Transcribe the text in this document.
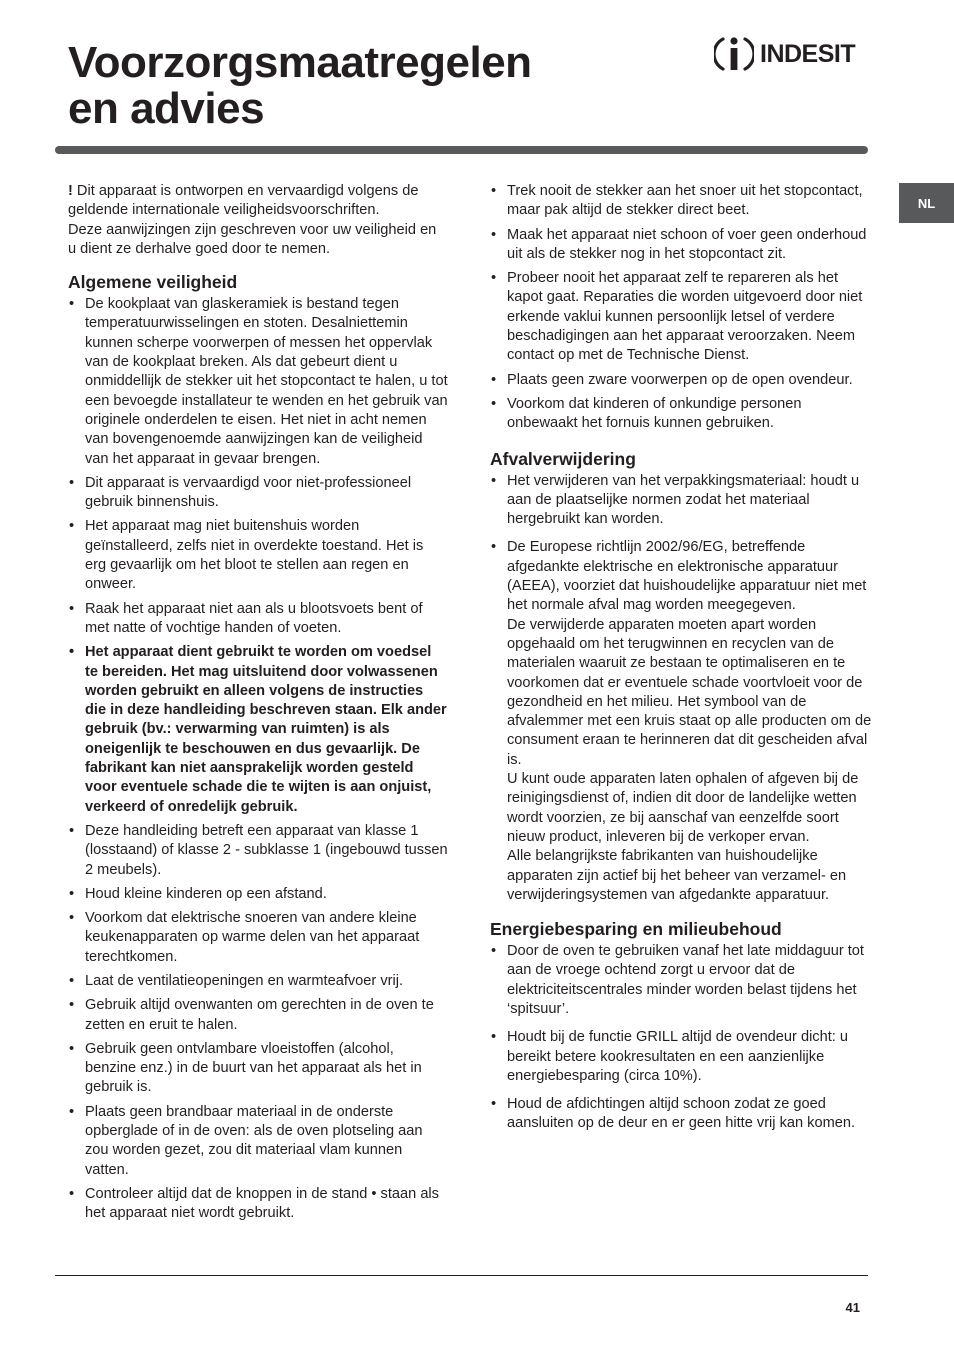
Voorzorgsmaatregelen
en advies
INDESIT
NL

! Dit apparaat is ontworpen en vervaardigd volgens de geldende internationale veiligheidsvoorschriften.
Deze aanwijzingen zijn geschreven voor uw veiligheid en u dient ze derhalve goed door te nemen.

Algemene veiligheid
• De kookplaat van glaskeramiek is bestand tegen temperatuurwisselingen en stoten. Desalniettemin kunnen scherpe voorwerpen of messen het oppervlak van de kookplaat breken. Als dat gebeurt dient u onmiddellijk de stekker uit het stopcontact te halen, u tot een bevoegde installateur te wenden en het gebruik van originele onderdelen te eisen. Het niet in acht nemen van bovengenoemde aanwijzingen kan de veiligheid van het apparaat in gevaar brengen.
• Dit apparaat is vervaardigd voor niet-professioneel gebruik binnenshuis.
• Het apparaat mag niet buitenshuis worden geïnstalleerd, zelfs niet in overdekte toestand. Het is erg gevaarlijk om het bloot te stellen aan regen en onweer.
• Raak het apparaat niet aan als u blootsvoets bent of met natte of vochtige handen of voeten.
• Het apparaat dient gebruikt te worden om voedsel te bereiden. Het mag uitsluitend door volwassenen worden gebruikt en alleen volgens de instructies die in deze handleiding beschreven staan. Elk ander gebruik (bv.: verwarming van ruimten) is als oneigenlijk te beschouwen en dus gevaarlijk. De fabrikant kan niet aansprakelijk worden gesteld voor eventuele schade die te wijten is aan onjuist, verkeerd of onredelijk gebruik.
• Deze handleiding betreft een apparaat van klasse 1 (losstaand) of klasse 2 - subklasse 1 (ingebouwd tussen 2 meubels).
• Houd kleine kinderen op een afstand.
• Voorkom dat elektrische snoeren van andere kleine keukenapparaten op warme delen van het apparaat terechtkomen.
• Laat de ventilatieopeningen en warmteafvoer vrij.
• Gebruik altijd ovenwanten om gerechten in de oven te zetten en eruit te halen.
• Gebruik geen ontvlambare vloeistoffen (alcohol, benzine enz.) in de buurt van het apparaat als het in gebruik is.
• Plaats geen brandbaar materiaal in de onderste opberglade of in de oven: als de oven plotseling aan zou worden gezet, zou dit materiaal vlam kunnen vatten.
• Controleer altijd dat de knoppen in de stand • staan als het apparaat niet wordt gebruikt.
• Trek nooit de stekker aan het snoer uit het stopcontact, maar pak altijd de stekker direct beet.
• Maak het apparaat niet schoon of voer geen onderhoud uit als de stekker nog in het stopcontact zit.
• Probeer nooit het apparaat zelf te repareren als het kapot gaat. Reparaties die worden uitgevoerd door niet erkende vaklui kunnen persoonlijk letsel of verdere beschadigingen aan het apparaat veroorzaken. Neem contact op met de Technische Dienst.
• Plaats geen zware voorwerpen op de open ovendeur.
• Voorkom dat kinderen of onkundige personen onbewaakt het fornuis kunnen gebruiken.
Afvalverwijdering
• Het verwijderen van het verpakkingsmateriaal: houdt u aan de plaatselijke normen zodat het materiaal hergebruikt kan worden.
• De Europese richtlijn 2002/96/EG, betreffende afgedankte elektrische en elektronische apparatuur (AEEA), voorziet dat huishoudelijke apparatuur niet met het normale afval mag worden meegegeven.
De verwijderde apparaten moeten apart worden opgehaald om het terugwinnen en recyclen van de materialen waaruit ze bestaan te optimaliseren en te voorkomen dat er eventuele schade voortvloeit voor de gezondheid en het milieu. Het symbool van de afvalemmer met een kruis staat op alle producten om de consument eraan te herinneren dat dit gescheiden afval is.
U kunt oude apparaten laten ophalen of afgeven bij de reinigingsdienst of, indien dit door de landelijke wetten wordt voorzien, ze bij aanschaf van eenzelfde soort nieuw product, inleveren bij de verkoper ervan.
Alle belangrijkste fabrikanten van huishoudelijke apparaten zijn actief bij het beheer van verzamel- en verwijderingsystemen van afgedankte apparatuur.
Energiebesparing en milieubehoud
• Door de oven te gebruiken vanaf het late middaguur tot aan de vroege ochtend zorgt u ervoor dat de elektriciteitscentrales minder worden belast tijdens het ‘spitsuur’.
• Houdt bij de functie GRILL altijd de ovendeur dicht: u bereikt betere kookresultaten en een aanzienlijke energiebesparing (circa 10%).
• Houd de afdichtingen altijd schoon zodat ze goed aansluiten op de deur en er geen hitte vrij kan komen.
41
